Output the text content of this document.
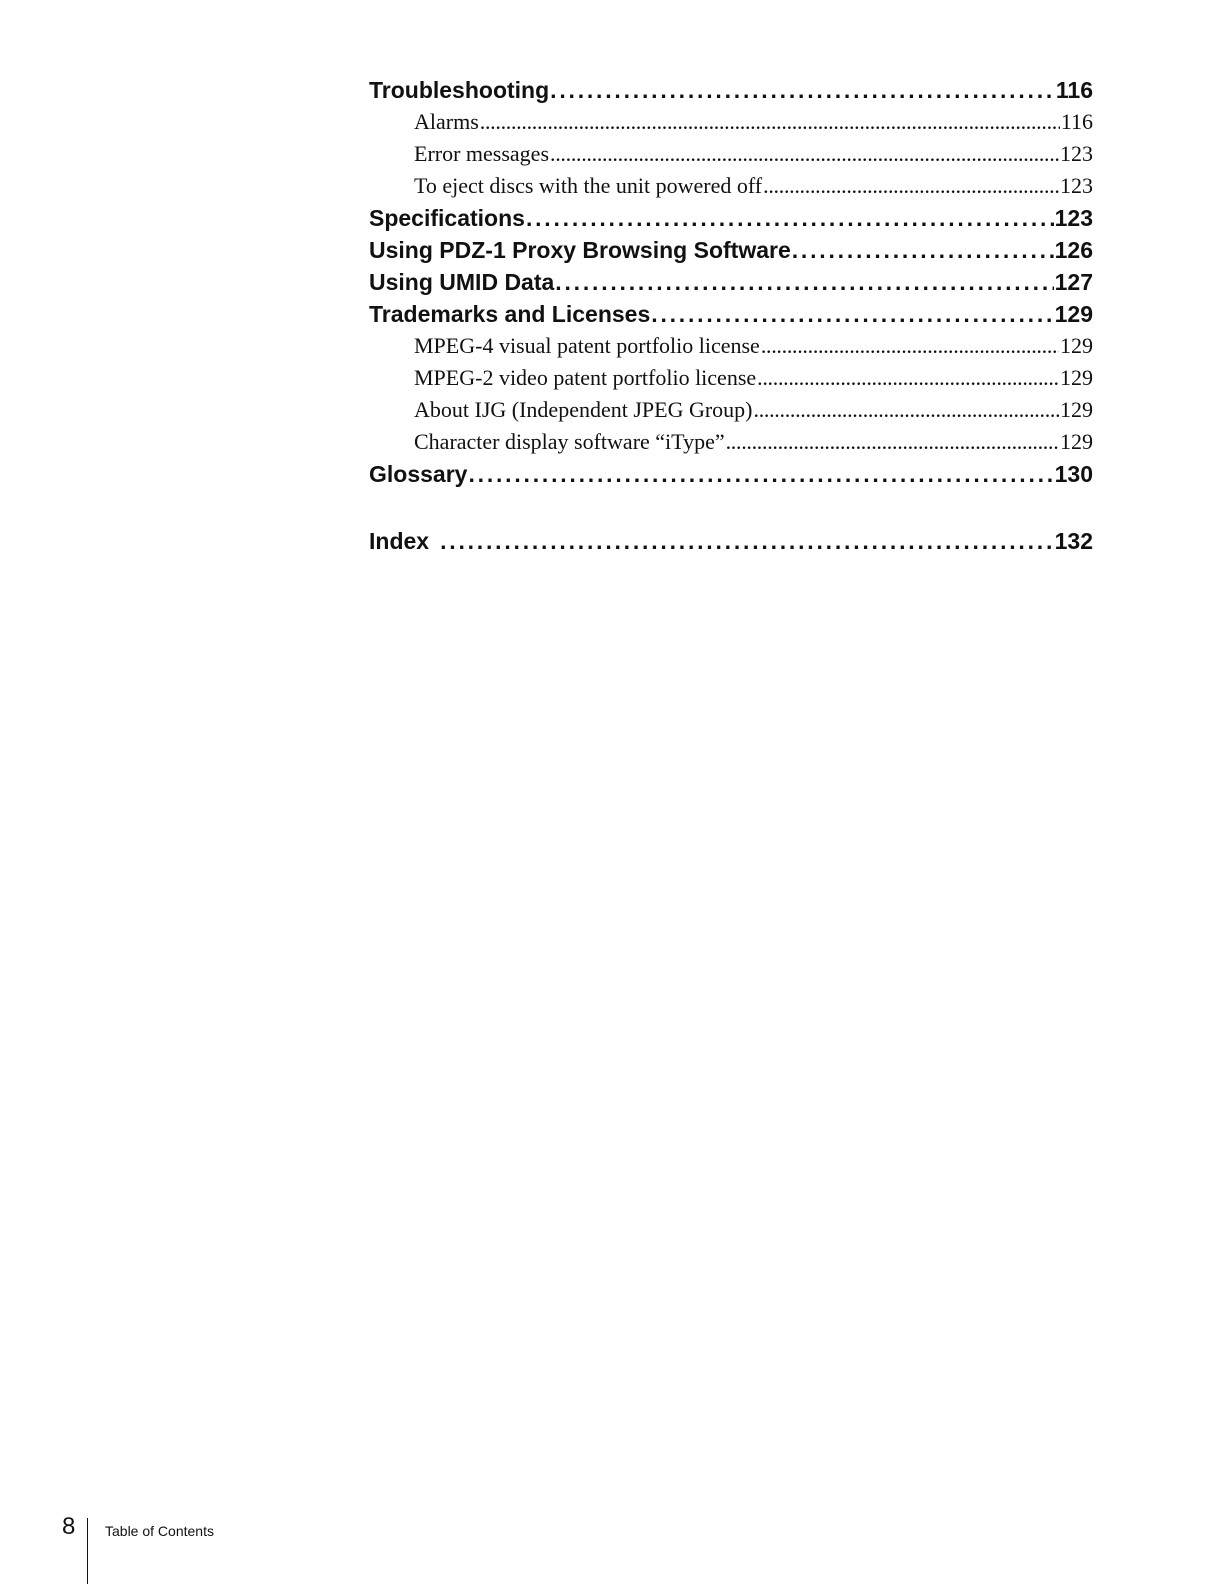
Troubleshooting . . .	116
Alarms . . .	116
Error messages . . .	123
To eject discs with the unit powered off . . .	123
Specifications . . .	123
Using PDZ-1 Proxy Browsing Software . . .	126
Using UMID Data . . .	127
Trademarks and Licenses . . .	129
MPEG-4 visual patent portfolio license . . .	129
MPEG-2 video patent portfolio license . . .	129
About IJG (Independent JPEG Group) . . .	129
Character display software “iType” . . .	129
Glossary . . .	130
Index . . .	132
8 Table of Contents
